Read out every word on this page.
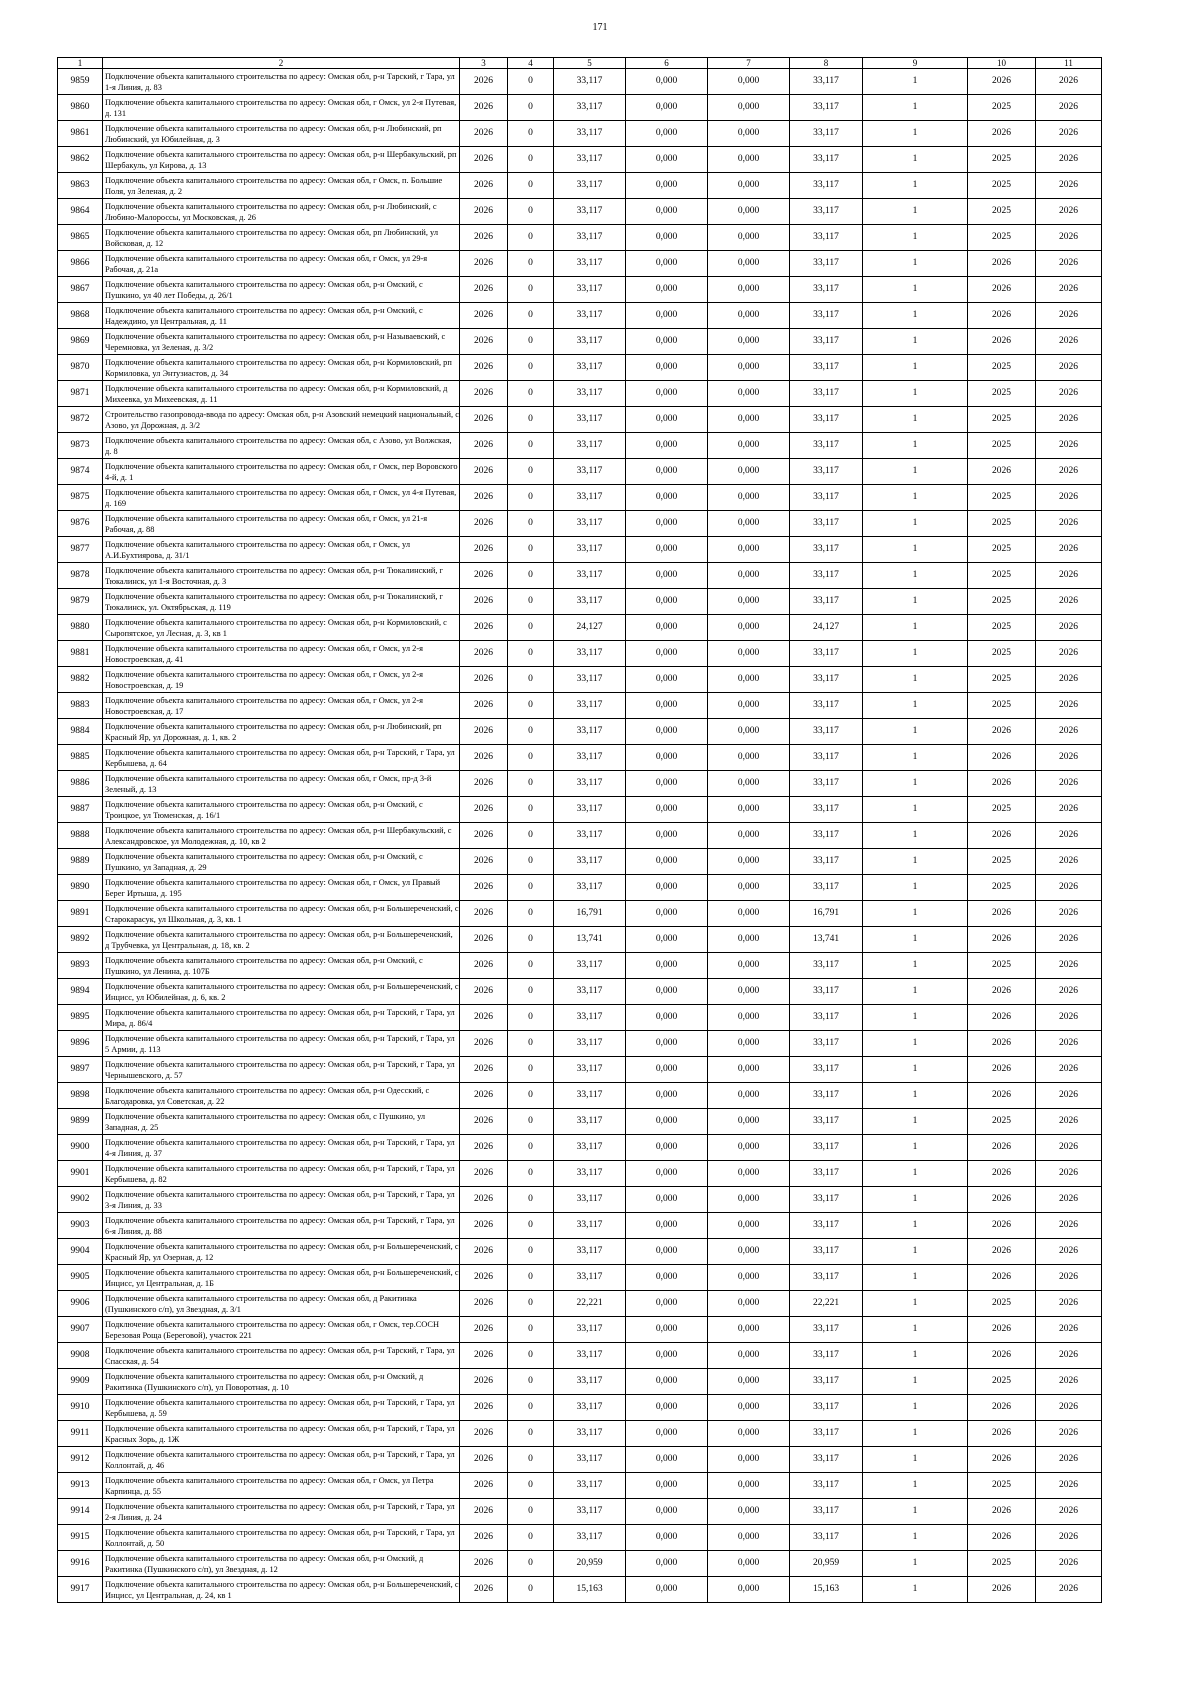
171
1	2	3	4	5	6	7	8	9	10	11
9859	Подключение объекта капитального строительства по адресу: Омская обл, р-н Тарский, г Тара, ул 1-я Линия, д. 83	2026	0	33,117	0,000	0,000	33,117	1	2026	2026
9860	Подключение объекта капитального строительства по адресу: Омская обл, г Омск, ул 2-я Путевая, д. 131	2026	0	33,117	0,000	0,000	33,117	1	2025	2026
9861	Подключение объекта капитального строительства по адресу: Омская обл, р-н Любинский, рп Любинский, ул Юбилейная, д. 3	2026	0	33,117	0,000	0,000	33,117	1	2026	2026
9862	Подключение объекта капитального строительства по адресу: Омская обл, р-н Шербакульский, рп Шербакуль, ул Кирова, д. 13	2026	0	33,117	0,000	0,000	33,117	1	2025	2026
9863	Подключение объекта капитального строительства по адресу: Омская обл, г Омск, п. Большие Поля, ул Зеленая, д. 2	2026	0	33,117	0,000	0,000	33,117	1	2025	2026
9864	Подключение объекта капитального строительства по адресу: Омская обл, р-н Любинский, с Любино-Малороссы, ул Московская, д. 26	2026	0	33,117	0,000	0,000	33,117	1	2025	2026
9865	Подключение объекта капитального строительства по адресу: Омская обл, рп Любинский, ул Войсковая, д. 12	2026	0	33,117	0,000	0,000	33,117	1	2025	2026
9866	Подключение объекта капитального строительства по адресу: Омская обл, г Омск, ул 29-я Рабочая, д. 21а	2026	0	33,117	0,000	0,000	33,117	1	2026	2026
9867	Подключение объекта капитального строительства по адресу: Омская обл, р-н Омский, с Пушкино, ул 40 лет Победы, д. 26/1	2026	0	33,117	0,000	0,000	33,117	1	2026	2026
9868	Подключение объекта капитального строительства по адресу: Омская обл, р-н Омский, с Надеждино, ул Центральная, д. 11	2026	0	33,117	0,000	0,000	33,117	1	2026	2026
9869	Подключение объекта капитального строительства по адресу: Омская обл, р-н Называевский, с Черемновка, ул Зеленая, д. 3/2	2026	0	33,117	0,000	0,000	33,117	1	2026	2026
9870	Подключение объекта капитального строительства по адресу: Омская обл, р-н Кормиловский, рп Кормиловка, ул Энтузиастов, д. 34	2026	0	33,117	0,000	0,000	33,117	1	2025	2026
9871	Подключение объекта капитального строительства по адресу: Омская обл, р-н Кормиловский, д Михеевка, ул Михеевская, д. 11	2026	0	33,117	0,000	0,000	33,117	1	2025	2026
9872	Строительство газопровода-ввода по адресу: Омская обл, р-н Азовский немецкий национальный, с Азово, ул Дорожная, д. 3/2	2026	0	33,117	0,000	0,000	33,117	1	2025	2026
9873	Подключение объекта капитального строительства по адресу: Омская обл, с Азово, ул Волжская, д. 8	2026	0	33,117	0,000	0,000	33,117	1	2025	2026
9874	Подключение объекта капитального строительства по адресу: Омская обл, г Омск, пер Воровского 4-й, д. 1	2026	0	33,117	0,000	0,000	33,117	1	2026	2026
9875	Подключение объекта капитального строительства по адресу: Омская обл, г Омск, ул 4-я Путевая, д. 169	2026	0	33,117	0,000	0,000	33,117	1	2025	2026
9876	Подключение объекта капитального строительства по адресу: Омская обл, г Омск, ул 21-я Рабочая, д. 88	2026	0	33,117	0,000	0,000	33,117	1	2025	2026
9877	Подключение объекта капитального строительства по адресу: Омская обл, г Омск, ул А.И.Бухтиярова, д. 31/1	2026	0	33,117	0,000	0,000	33,117	1	2025	2026
9878	Подключение объекта капитального строительства по адресу: Омская обл, р-н Тюкалинский, г Тюкалинск, ул 1-я Восточная, д. 3	2026	0	33,117	0,000	0,000	33,117	1	2025	2026
9879	Подключение объекта капитального строительства по адресу: Омская обл, р-н Тюкалинский, г Тюкалинск, ул. Октябрьская, д. 119	2026	0	33,117	0,000	0,000	33,117	1	2025	2026
9880	Подключение объекта капитального строительства по адресу: Омская обл, р-н Кормиловский, с Сыропятское, ул Лесная, д. 3, кв 1	2026	0	24,127	0,000	0,000	24,127	1	2025	2026
9881	Подключение объекта капитального строительства по адресу: Омская обл, г Омск, ул 2-я Новостроевская, д. 41	2026	0	33,117	0,000	0,000	33,117	1	2025	2026
9882	Подключение объекта капитального строительства по адресу: Омская обл, г Омск, ул 2-я Новостроевская, д. 19	2026	0	33,117	0,000	0,000	33,117	1	2025	2026
9883	Подключение объекта капитального строительства по адресу: Омская обл, г Омск, ул 2-я Новостроевская, д. 17	2026	0	33,117	0,000	0,000	33,117	1	2025	2026
9884	Подключение объекта капитального строительства по адресу: Омская обл, р-н Любинский, рп Красный Яр, ул Дорожная, д. 1, кв. 2	2026	0	33,117	0,000	0,000	33,117	1	2026	2026
9885	Подключение объекта капитального строительства по адресу: Омская обл, р-н Тарский, г Тара, ул Кербышева, д. 64	2026	0	33,117	0,000	0,000	33,117	1	2026	2026
9886	Подключение объекта капитального строительства по адресу: Омская обл, г Омск, пр-д 3-й Зеленый, д. 13	2026	0	33,117	0,000	0,000	33,117	1	2026	2026
9887	Подключение объекта капитального строительства по адресу: Омская обл, р-н Омский, с Троицкое, ул Тюменская, д. 16/1	2026	0	33,117	0,000	0,000	33,117	1	2025	2026
9888	Подключение объекта капитального строительства по адресу: Омская обл, р-н Шербакульский, с Александровское, ул Молодежная, д. 10, кв 2	2026	0	33,117	0,000	0,000	33,117	1	2026	2026
9889	Подключение объекта капитального строительства по адресу: Омская обл, р-н Омский, с Пушкино, ул Западная, д. 29	2026	0	33,117	0,000	0,000	33,117	1	2025	2026
9890	Подключение объекта капитального строительства по адресу: Омская обл, г Омск, ул Правый Берег Иртыша, д. 195	2026	0	33,117	0,000	0,000	33,117	1	2025	2026
9891	Подключение объекта капитального строительства по адресу: Омская обл, р-н Большереченский, с Старокарасук, ул Школьная, д. 3, кв. 1	2026	0	16,791	0,000	0,000	16,791	1	2026	2026
9892	Подключение объекта капитального строительства по адресу: Омская обл, р-н Большереченский, д Трубчевка, ул Центральная, д. 18, кв. 2	2026	0	13,741	0,000	0,000	13,741	1	2026	2026
9893	Подключение объекта капитального строительства по адресу: Омская обл, р-н Омский, с Пушкино, ул Ленина, д. 107Б	2026	0	33,117	0,000	0,000	33,117	1	2025	2026
9894	Подключение объекта капитального строительства по адресу: Омская обл, р-н Большереченский, с Инцисс, ул Юбилейная, д. 6, кв. 2	2026	0	33,117	0,000	0,000	33,117	1	2026	2026
9895	Подключение объекта капитального строительства по адресу: Омская обл, р-н Тарский, г Тара, ул Мира, д. 86/4	2026	0	33,117	0,000	0,000	33,117	1	2026	2026
9896	Подключение объекта капитального строительства по адресу: Омская обл, р-н Тарский, г Тара, ул 5 Армии, д. 113	2026	0	33,117	0,000	0,000	33,117	1	2026	2026
9897	Подключение объекта капитального строительства по адресу: Омская обл, р-н Тарский, г Тара, ул Чернышевского, д. 57	2026	0	33,117	0,000	0,000	33,117	1	2026	2026
9898	Подключение объекта капитального строительства по адресу: Омская обл, р-н Одесский, с Благодаровка, ул Советская, д. 22	2026	0	33,117	0,000	0,000	33,117	1	2026	2026
9899	Подключение объекта капитального строительства по адресу: Омская обл, с Пушкино, ул Западная, д. 25	2026	0	33,117	0,000	0,000	33,117	1	2025	2026
9900	Подключение объекта капитального строительства по адресу: Омская обл, р-н Тарский, г Тара, ул 4-я Линия, д. 37	2026	0	33,117	0,000	0,000	33,117	1	2026	2026
9901	Подключение объекта капитального строительства по адресу: Омская обл, р-н Тарский, г Тара, ул Кербышева, д. 82	2026	0	33,117	0,000	0,000	33,117	1	2026	2026
9902	Подключение объекта капитального строительства по адресу: Омская обл, р-н Тарский, г Тара, ул 3-я Линия, д. 33	2026	0	33,117	0,000	0,000	33,117	1	2026	2026
9903	Подключение объекта капитального строительства по адресу: Омская обл, р-н Тарский, г Тара, ул 6-я Линия, д. 88	2026	0	33,117	0,000	0,000	33,117	1	2026	2026
9904	Подключение объекта капитального строительства по адресу: Омская обл, р-н Большереченский, с Красный Яр, ул Озерная, д. 12	2026	0	33,117	0,000	0,000	33,117	1	2026	2026
9905	Подключение объекта капитального строительства по адресу: Омская обл, р-н Большереченский, с Инцисс, ул Центральная, д. 1Б	2026	0	33,117	0,000	0,000	33,117	1	2026	2026
9906	Подключение объекта капитального строительства по адресу: Омская обл, д Ракитинка (Пушкинского с/п), ул Звездная, д. 3/1	2026	0	22,221	0,000	0,000	22,221	1	2025	2026
9907	Подключение объекта капитального строительства по адресу: Омская обл, г Омск, тер.СОСН Березовая Роща (Береговой), участок 221	2026	0	33,117	0,000	0,000	33,117	1	2026	2026
9908	Подключение объекта капитального строительства по адресу: Омская обл, р-н Тарский, г Тара, ул Спасская, д. 54	2026	0	33,117	0,000	0,000	33,117	1	2026	2026
9909	Подключение объекта капитального строительства по адресу: Омская обл, р-н Омский, д Ракитинка (Пушкинского с/п), ул Поворотная, д. 10	2026	0	33,117	0,000	0,000	33,117	1	2025	2026
9910	Подключение объекта капитального строительства по адресу: Омская обл, р-н Тарский, г Тара, ул Кербышева, д. 59	2026	0	33,117	0,000	0,000	33,117	1	2026	2026
9911	Подключение объекта капитального строительства по адресу: Омская обл, р-н Тарский, г Тара, ул Красных Зорь, д. 1Ж	2026	0	33,117	0,000	0,000	33,117	1	2026	2026
9912	Подключение объекта капитального строительства по адресу: Омская обл, р-н Тарский, г Тара, ул Коллонтай, д. 46	2026	0	33,117	0,000	0,000	33,117	1	2026	2026
9913	Подключение объекта капитального строительства по адресу: Омская обл, г Омск, ул Петра Карпинца, д. 55	2026	0	33,117	0,000	0,000	33,117	1	2025	2026
9914	Подключение объекта капитального строительства по адресу: Омская обл, р-н Тарский, г Тара, ул 2-я Линия, д. 24	2026	0	33,117	0,000	0,000	33,117	1	2026	2026
9915	Подключение объекта капитального строительства по адресу: Омская обл, р-н Тарский, г Тара, ул Коллонтай, д. 50	2026	0	33,117	0,000	0,000	33,117	1	2026	2026
9916	Подключение объекта капитального строительства по адресу: Омская обл, р-н Омский, д Ракитинка (Пушкинского с/п), ул Звездная, д. 12	2026	0	20,959	0,000	0,000	20,959	1	2025	2026
9917	Подключение объекта капитального строительства по адресу: Омская обл, р-н Большереченский, с Инцисс, ул Центральная, д. 24, кв 1	2026	0	15,163	0,000	0,000	15,163	1	2026	2026
